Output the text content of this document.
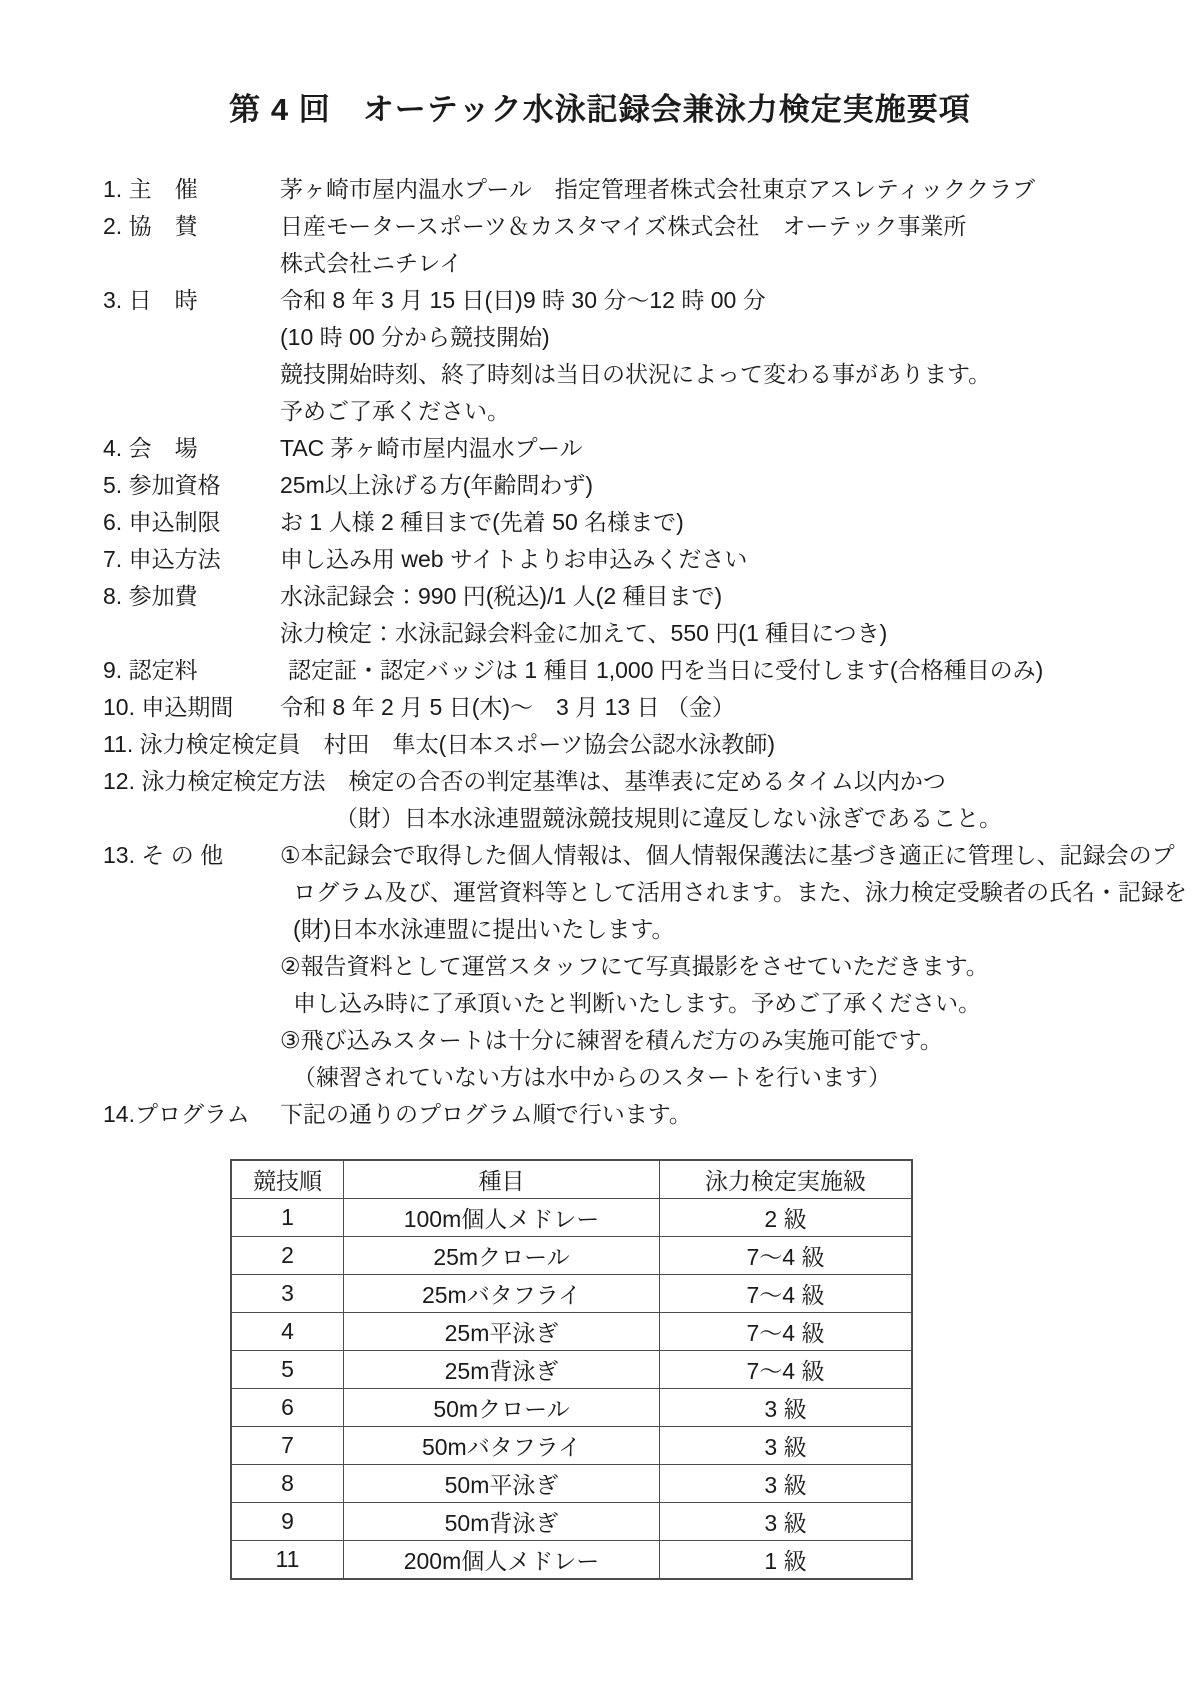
第 4 回　オーテック水泳記録会兼泳力検定実施要項
1. 主　催	茅ヶ崎市屋内温水プール　指定管理者株式会社東京アスレティッククラブ
2. 協　賛	日産モータースポーツ＆カスタマイズ株式会社　オーテック事業所
株式会社ニチレイ
3. 日　時	令和 8 年 3 月 15 日(日)9 時 30 分～12 時 00 分
(10 時 00 分から競技開始)
競技開始時刻、終了時刻は当日の状況によって変わる事があります。
予めご了承ください。
4. 会　場	TAC 茅ヶ崎市屋内温水プール
5. 参加資格	25m以上泳げる方(年齢問わず)
6. 申込制限	お 1 人様 2 種目まで(先着 50 名様まで)
7. 申込方法	申し込み用 web サイトよりお申込みください
8. 参加費	水泳記録会：990 円(税込)/1 人(2 種目まで)
泳力検定：水泳記録会料金に加えて、550 円(1 種目につき)
9. 認定料	認定証・認定バッジは 1 種目 1,000 円を当日に受付します(合格種目のみ)
10. 申込期間	令和 8 年 2 月 5 日(木)～　3 月 13 日 （金）
11. 泳力検定検定員　村田　隼太(日本スポーツ協会公認水泳教師)
12. 泳力検定検定方法　検定の合否の判定基準は、基準表に定めるタイム以内かつ
（財）日本水泳連盟競泳競技規則に違反しない泳ぎであること。
13. そ の 他	①本記録会で取得した個人情報は、個人情報保護法に基づき適正に管理し、記録会のプ
ログラム及び、運営資料等として活用されます。また、泳力検定受験者の氏名・記録を
(財)日本水泳連盟に提出いたします。
②報告資料として運営スタッフにて写真撮影をさせていただきます。
申し込み時に了承頂いたと判断いたします。予めご了承ください。
③飛び込みスタートは十分に練習を積んだ方のみ実施可能です。
（練習されていない方は水中からのスタートを行います）
14.プログラム	下記の通りのプログラム順で行います。
競技順	種目	泳力検定実施級
1	100m個人メドレー	2 級
2	25mクロール	7～4 級
3	25mバタフライ	7～4 級
4	25m平泳ぎ	7～4 級
5	25m背泳ぎ	7～4 級
6	50mクロール	3 級
7	50mバタフライ	3 級
8	50m平泳ぎ	3 級
9	50m背泳ぎ	3 級
11	200m個人メドレー	1 級
